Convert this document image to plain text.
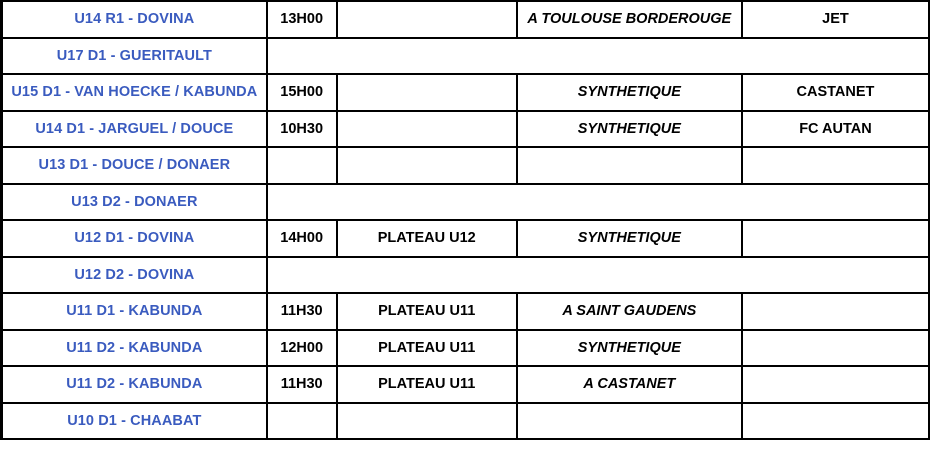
U14 R1 - DOVINA	13H00		A TOULOUSE BORDEROUGE	JET
U17 D1 - GUERITAULT				
U15 D1 - VAN HOECKE / KABUNDA	15H00		SYNTHETIQUE	CASTANET
U14 D1 - JARGUEL / DOUCE	10H30		SYNTHETIQUE	FC AUTAN
U13 D1 - DOUCE / DONAER				
U13 D2 - DONAER				
U12 D1 - DOVINA	14H00	PLATEAU U12	SYNTHETIQUE	
U12 D2 - DOVINA				
U11 D1 - KABUNDA	11H30	PLATEAU U11	A SAINT GAUDENS	
U11 D2 - KABUNDA	12H00	PLATEAU U11	SYNTHETIQUE	
U11 D2 - KABUNDA	11H30	PLATEAU U11	A CASTANET	
U10 D1 - CHAABAT				
